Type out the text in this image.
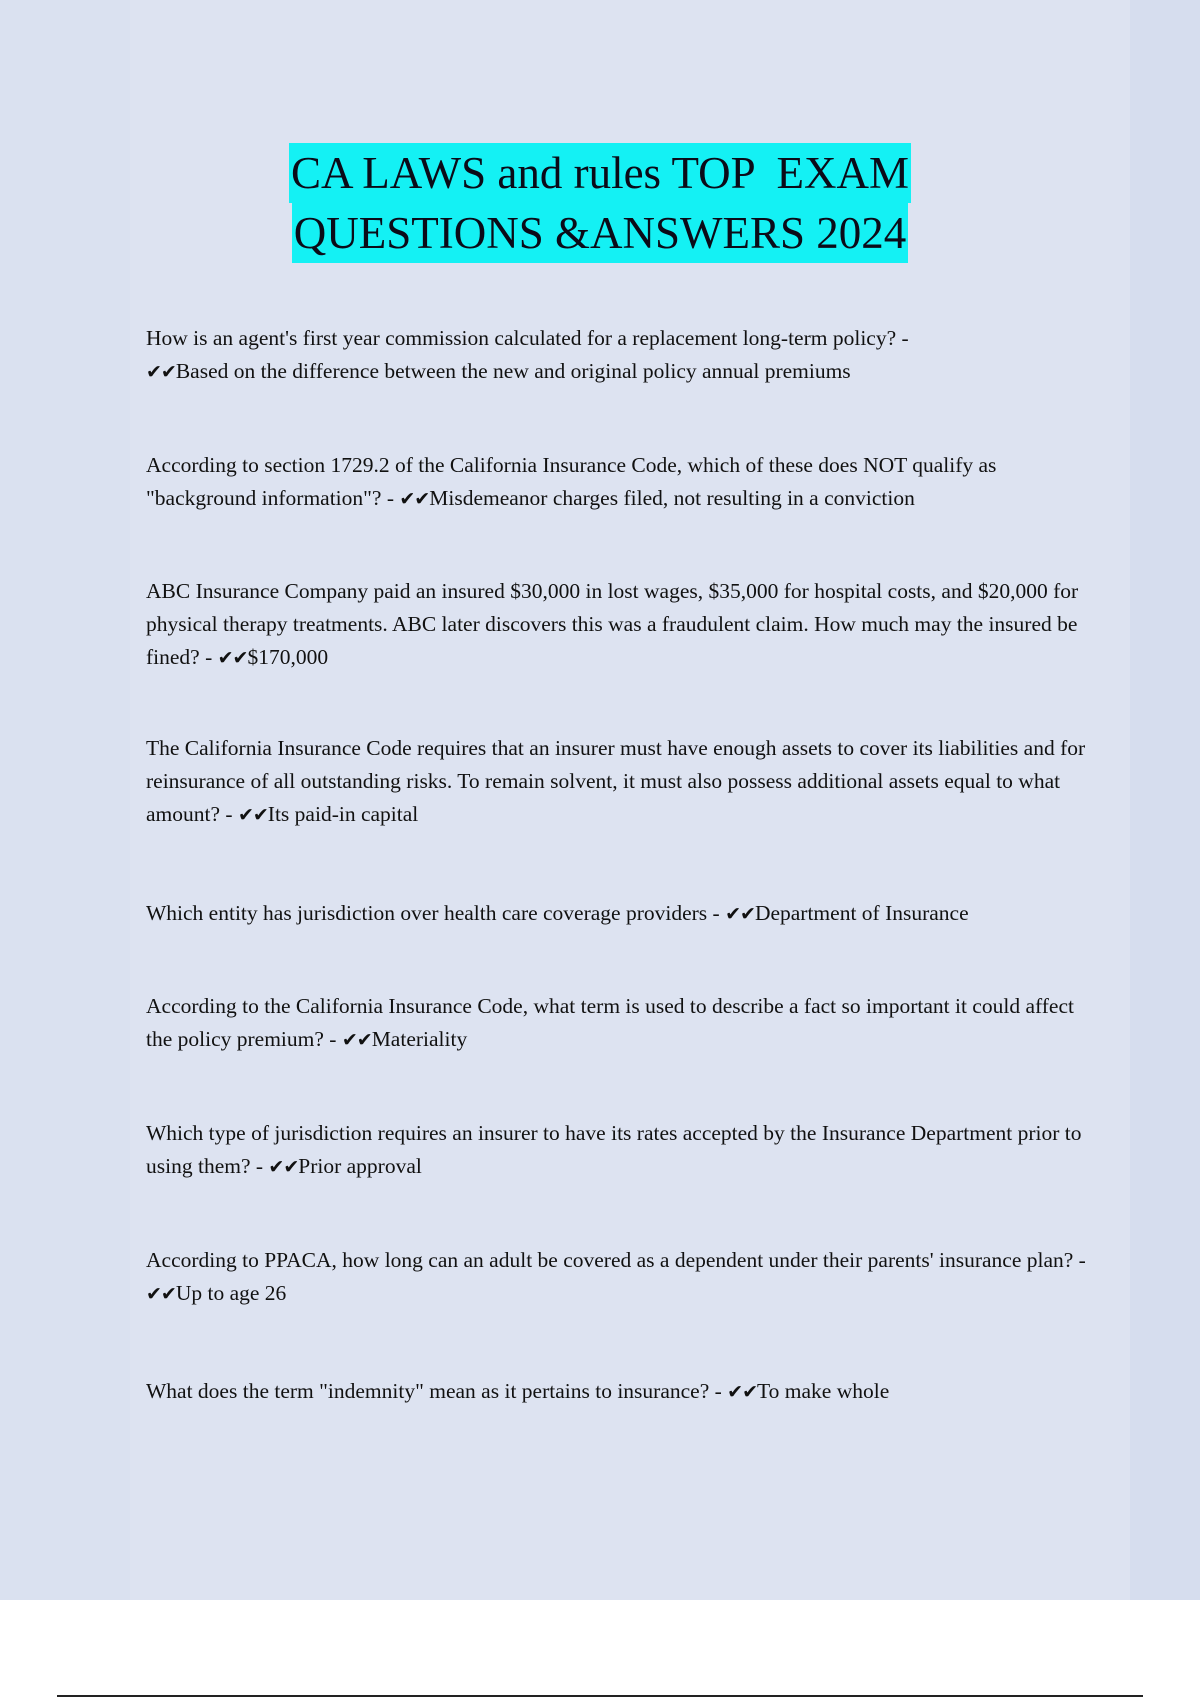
CA LAWS and rules TOP  EXAM
QUESTIONS &ANSWERS 2024
How is an agent's first year commission calculated for a replacement long-term policy? -
✔✔Based on the difference between the new and original policy annual premiums
According to section 1729.2 of the California Insurance Code, which of these does NOT qualify as "background information"? - ✔✔Misdemeanor charges filed, not resulting in a conviction
ABC Insurance Company paid an insured $30,000 in lost wages, $35,000 for hospital costs, and $20,000 for physical therapy treatments. ABC later discovers this was a fraudulent claim. How much may the insured be fined? - ✔✔$170,000
The California Insurance Code requires that an insurer must have enough assets to cover its liabilities and for reinsurance of all outstanding risks. To remain solvent, it must also possess additional assets equal to what amount? - ✔✔Its paid-in capital
Which entity has jurisdiction over health care coverage providers - ✔✔Department of Insurance
According to the California Insurance Code, what term is used to describe a fact so important it could affect the policy premium? - ✔✔Materiality
Which type of jurisdiction requires an insurer to have its rates accepted by the Insurance Department prior to using them? - ✔✔Prior approval
According to PPACA, how long can an adult be covered as a dependent under their parents' insurance plan? - ✔✔Up to age 26
What does the term "indemnity" mean as it pertains to insurance? - ✔✔To make whole
